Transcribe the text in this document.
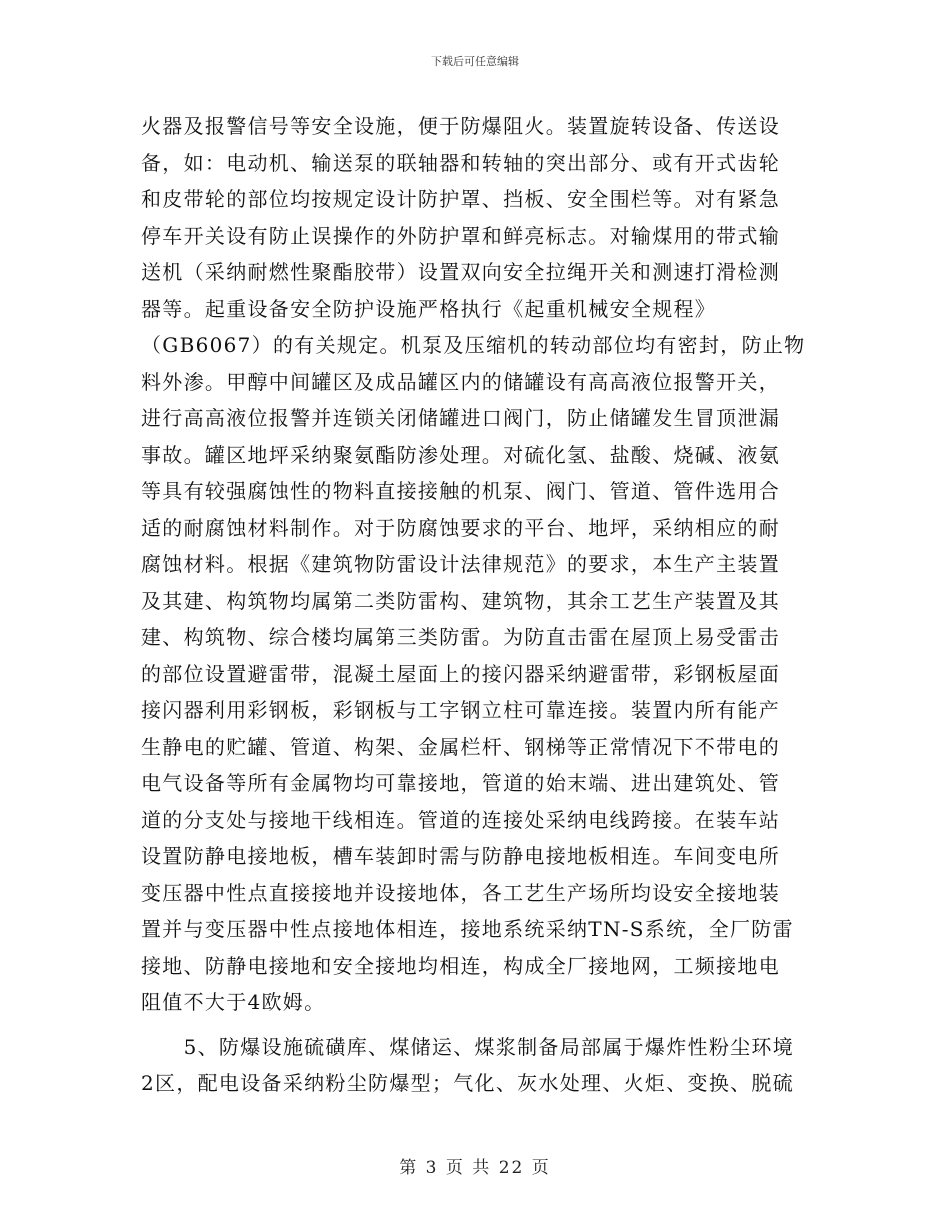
下载后可任意编辑
火器及报警信号等安全设施，便于防爆阻火。装置旋转设备、传送设
备，如：电动机、输送泵的联轴器和转轴的突出部分、或有开式齿轮
和皮带轮的部位均按规定设计防护罩、挡板、安全围栏等。对有紧急
停车开关设有防止误操作的外防护罩和鲜亮标志。对输煤用的带式输
送机（采纳耐燃性聚酯胶带）设置双向安全拉绳开关和测速打滑检测
器等。起重设备安全防护设施严格执行《起重机械安全规程》
（GB6067）的有关规定。机泵及压缩机的转动部位均有密封，防止物
料外渗。甲醇中间罐区及成品罐区内的储罐设有高高液位报警开关，
进行高高液位报警并连锁关闭储罐进口阀门，防止储罐发生冒顶泄漏
事故。罐区地坪采纳聚氨酯防渗处理。对硫化氢、盐酸、烧碱、液氨
等具有较强腐蚀性的物料直接接触的机泵、阀门、管道、管件选用合
适的耐腐蚀材料制作。对于防腐蚀要求的平台、地坪，采纳相应的耐
腐蚀材料。根据《建筑物防雷设计法律规范》的要求，本生产主装置
及其建、构筑物均属第二类防雷构、建筑物，其余工艺生产装置及其
建、构筑物、综合楼均属第三类防雷。为防直击雷在屋顶上易受雷击
的部位设置避雷带，混凝土屋面上的接闪器采纳避雷带，彩钢板屋面
接闪器利用彩钢板，彩钢板与工字钢立柱可靠连接。装置内所有能产
生静电的贮罐、管道、构架、金属栏杆、钢梯等正常情况下不带电的
电气设备等所有金属物均可靠接地，管道的始末端、进出建筑处、管
道的分支处与接地干线相连。管道的连接处采纳电线跨接。在装车站
设置防静电接地板，槽车装卸时需与防静电接地板相连。车间变电所
变压器中性点直接接地并设接地体，各工艺生产场所均设安全接地装
置并与变压器中性点接地体相连，接地系统采纳TN-S系统，全厂防雷
接地、防静电接地和安全接地均相连，构成全厂接地网，工频接地电
阻值不大于4欧姆。
　　5、防爆设施硫磺库、煤储运、煤浆制备局部属于爆炸性粉尘环境
2区，配电设备采纳粉尘防爆型；气化、灰水处理、火炬、变换、脱硫
第 3 页 共 22 页
